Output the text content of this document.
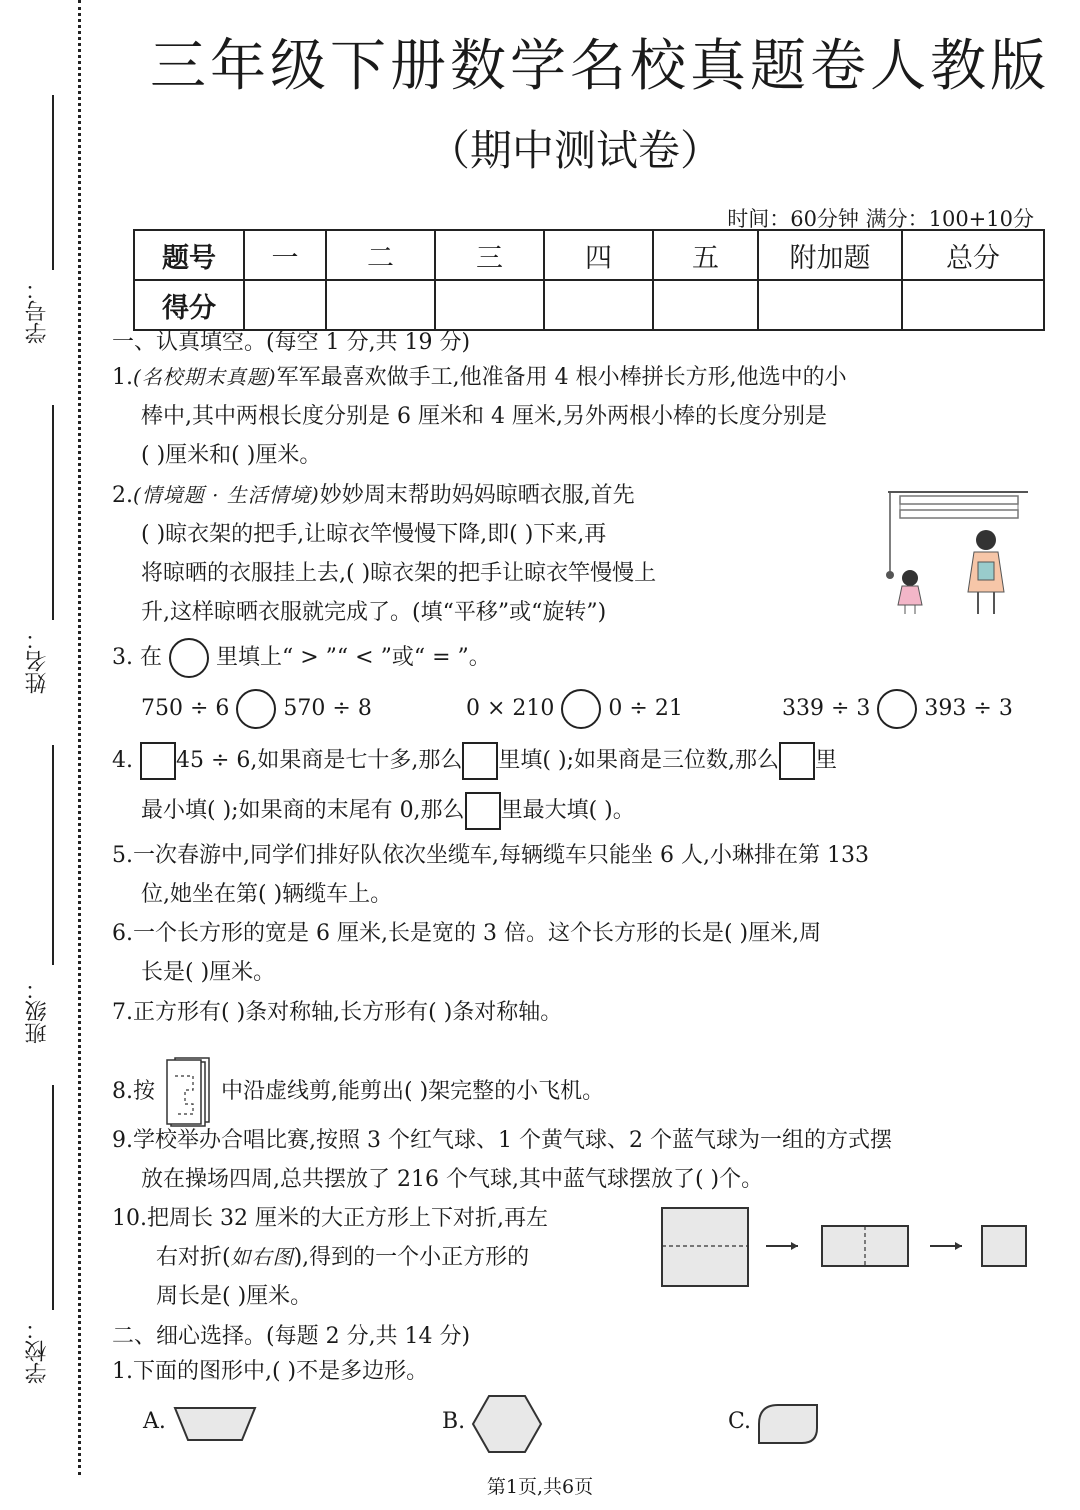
学号：
姓名：
班级：
学校：
三年级下册数学名校真题卷人教版
（期中测试卷）
时间：60分钟 满分：100+10分
题号	一	二	三	四	五	附加题	总分
得分							
一、认真填空。(每空 1 分,共 19 分)
1.(名校期末真题)军军最喜欢做手工,他准备用 4 根小棒拼长方形,他选中的小
棒中,其中两根长度分别是 6 厘米和 4 厘米,另外两根小棒的长度分别是
( )厘米和( )厘米。
2.(情境题 · 生活情境)妙妙周末帮助妈妈晾晒衣服,首先
( )晾衣架的把手,让晾衣竿慢慢下降,即( )下来,再
将晾晒的衣服挂上去,( )晾衣架的把手让晾衣竿慢慢上
升,这样晾晒衣服就完成了。(填“平移”或“旋转”)
3. 在 里填上“ > ”“ < ”或“ = ”。
750 ÷ 6 570 ÷ 8	0 × 210 0 ÷ 21	339 ÷ 3 393 ÷ 3
4. 45 ÷ 6,如果商是七十多,那么 里填( );如果商是三位数,那么 里
最小填( );如果商的末尾有 0,那么 里最大填( )。
5.一次春游中,同学们排好队依次坐缆车,每辆缆车只能坐 6 人,小琳排在第 133
位,她坐在第( )辆缆车上。
6.一个长方形的宽是 6 厘米,长是宽的 3 倍。这个长方形的长是( )厘米,周
长是( )厘米。
7.正方形有( )条对称轴,长方形有( )条对称轴。
8.按	中沿虚线剪,能剪出( )架完整的小飞机。
9.学校举办合唱比赛,按照 3 个红气球、1 个黄气球、2 个蓝气球为一组的方式摆
放在操场四周,总共摆放了 216 个气球,其中蓝气球摆放了( )个。
10.把周长 32 厘米的大正方形上下对折,再左
右对折(如右图),得到的一个小正方形的
周长是( )厘米。
二、细心选择。(每题 2 分,共 14 分)
1.下面的图形中,( )不是多边形。
A.	B.	C.
第1页,共6页
